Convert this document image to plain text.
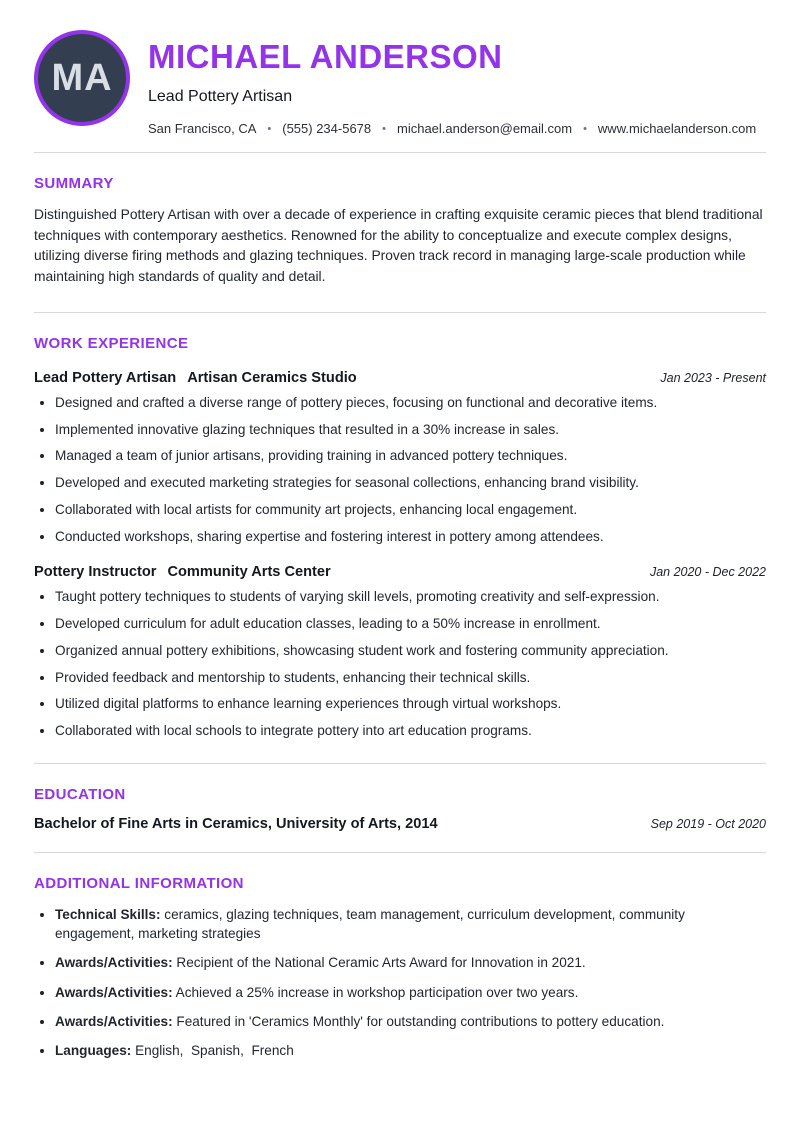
MA MICHAEL ANDERSON
Lead Pottery Artisan
San Francisco, CA • (555) 234-5678 • michael.anderson@email.com • www.michaelanderson.com
SUMMARY

Distinguished Pottery Artisan with over a decade of experience in crafting exquisite ceramic pieces that blend traditional techniques with contemporary aesthetics. Renowned for the ability to conceptualize and execute complex designs, utilizing diverse firing methods and glazing techniques. Proven track record in managing large-scale production while maintaining high standards of quality and detail.

WORK EXPERIENCE
Lead Pottery Artisan Artisan Ceramics Studio	Jan 2023 - Present
• Designed and crafted a diverse range of pottery pieces, focusing on functional and decorative items.
• Implemented innovative glazing techniques that resulted in a 30% increase in sales.
• Managed a team of junior artisans, providing training in advanced pottery techniques.
• Developed and executed marketing strategies for seasonal collections, enhancing brand visibility.
• Collaborated with local artists for community art projects, enhancing local engagement.
• Conducted workshops, sharing expertise and fostering interest in pottery among attendees.
Pottery Instructor Community Arts Center	Jan 2020 - Dec 2022
• Taught pottery techniques to students of varying skill levels, promoting creativity and self-expression.
• Developed curriculum for adult education classes, leading to a 50% increase in enrollment.
• Organized annual pottery exhibitions, showcasing student work and fostering community appreciation.
• Provided feedback and mentorship to students, enhancing their technical skills.
• Utilized digital platforms to enhance learning experiences through virtual workshops.
• Collaborated with local schools to integrate pottery into art education programs.
EDUCATION
Bachelor of Fine Arts in Ceramics, University of Arts, 2014	Sep 2019 - Oct 2020
ADDITIONAL INFORMATION
• Technical Skills: ceramics, glazing techniques, team management, curriculum development, community engagement, marketing strategies
• Awards/Activities: Recipient of the National Ceramic Arts Award for Innovation in 2021.
• Awards/Activities: Achieved a 25% increase in workshop participation over two years.
• Awards/Activities: Featured in 'Ceramics Monthly' for outstanding contributions to pottery education.
• Languages: English,  Spanish,  French
